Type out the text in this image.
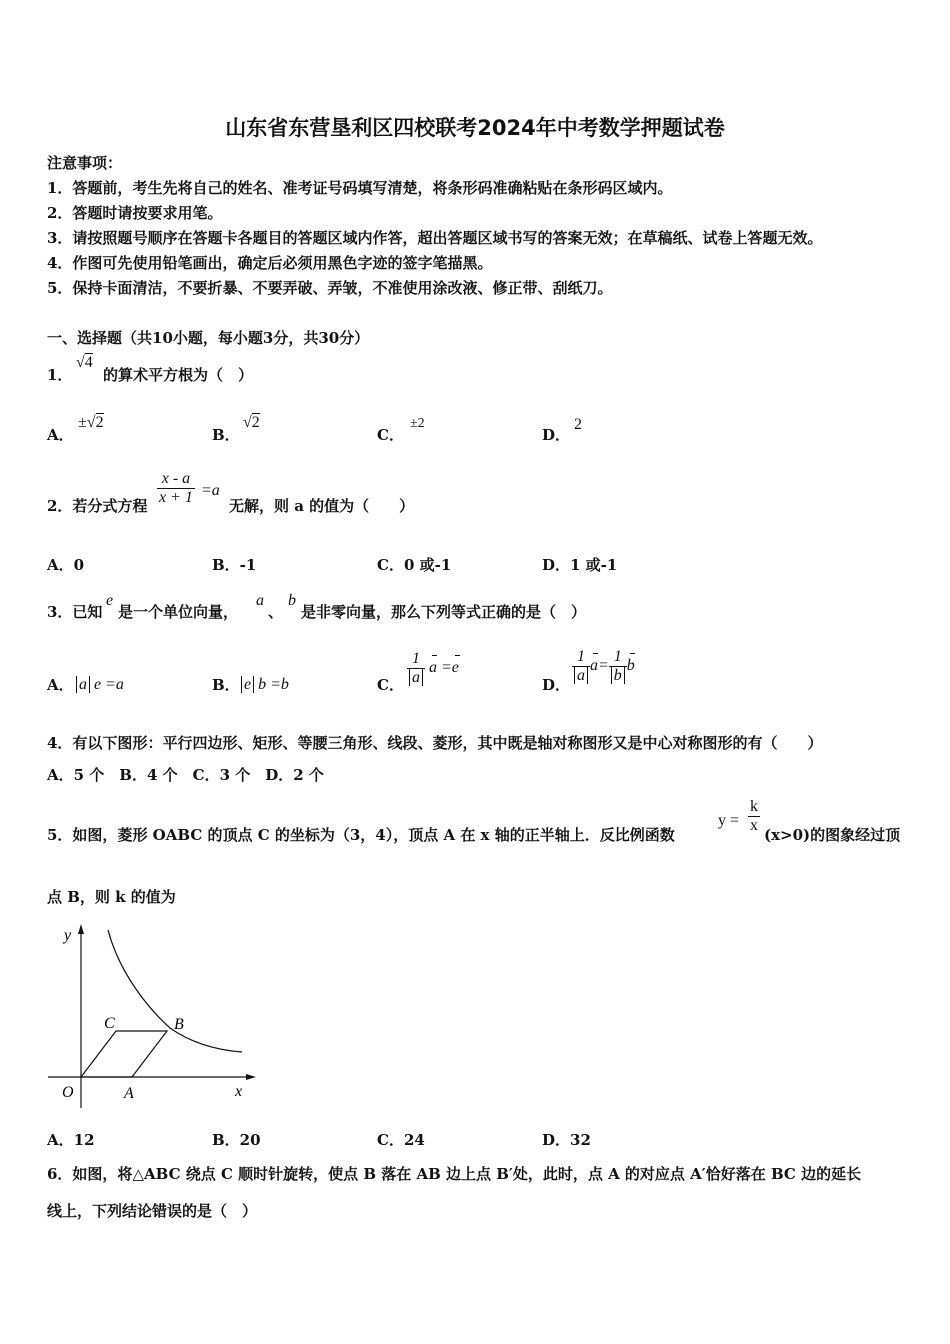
山东省东营垦利区四校联考2024年中考数学押题试卷
注意事项：
1．答题前，考生先将自己的姓名、准考证号码填写清楚，将条形码准确粘贴在条形码区域内。
2．答题时请按要求用笔。
3．请按照题号顺序在答题卡各题目的答题区域内作答，超出答题区域书写的答案无效；在草稿纸、试卷上答题无效。
4．作图可先使用铅笔画出，确定后必须用黑色字迹的签字笔描黑。
5．保持卡面清洁，不要折暴、不要弄破、弄皱，不准使用涂改液、修正带、刮纸刀。
一、选择题（共10小题，每小题3分，共30分）
1．
√4
的算术平方根为（　）
A．
±√2
B．
√2
C．
±2
D．
2
2．若分式方程 $\frac{x - a}{x + 1} =a$
无解，则 a 的值为（　　）
A．0	B．-1	C．0 或-1	D．1 或-1
3．已知
e
是一个单位向量，
a
、
b
是非零向量，那么下列等式正确的是（　）
A． a e =a	B． e b =b	C． $\frac{1}{a}$ a =e
D． $\frac{1}{a} a= \frac{1}{b}$ b
4．有以下图形：平行四边形、矩形、等腰三角形、线段、菱形，其中既是轴对称图形又是中心对称图形的有（　　）
A．5 个　B．4 个　C．3 个　D．2 个
5．如图，菱形 OABC 的顶点 C 的坐标为（3，4），顶点 A 在 x 轴的正半轴上．反比例函数
$y = \frac{k}{x} (x>0)$的图象经过顶
点 B，则 k 的值为
y
x
O	A
B
C
A．12	B．20	C．24	D．32
6．如图，将△ABC 绕点 C 顺时针旋转，使点 B 落在 AB 边上点 B′处，此时，点 A 的对应点 A′恰好落在 BC 边的延长
线上，下列结论错误的是（　）
